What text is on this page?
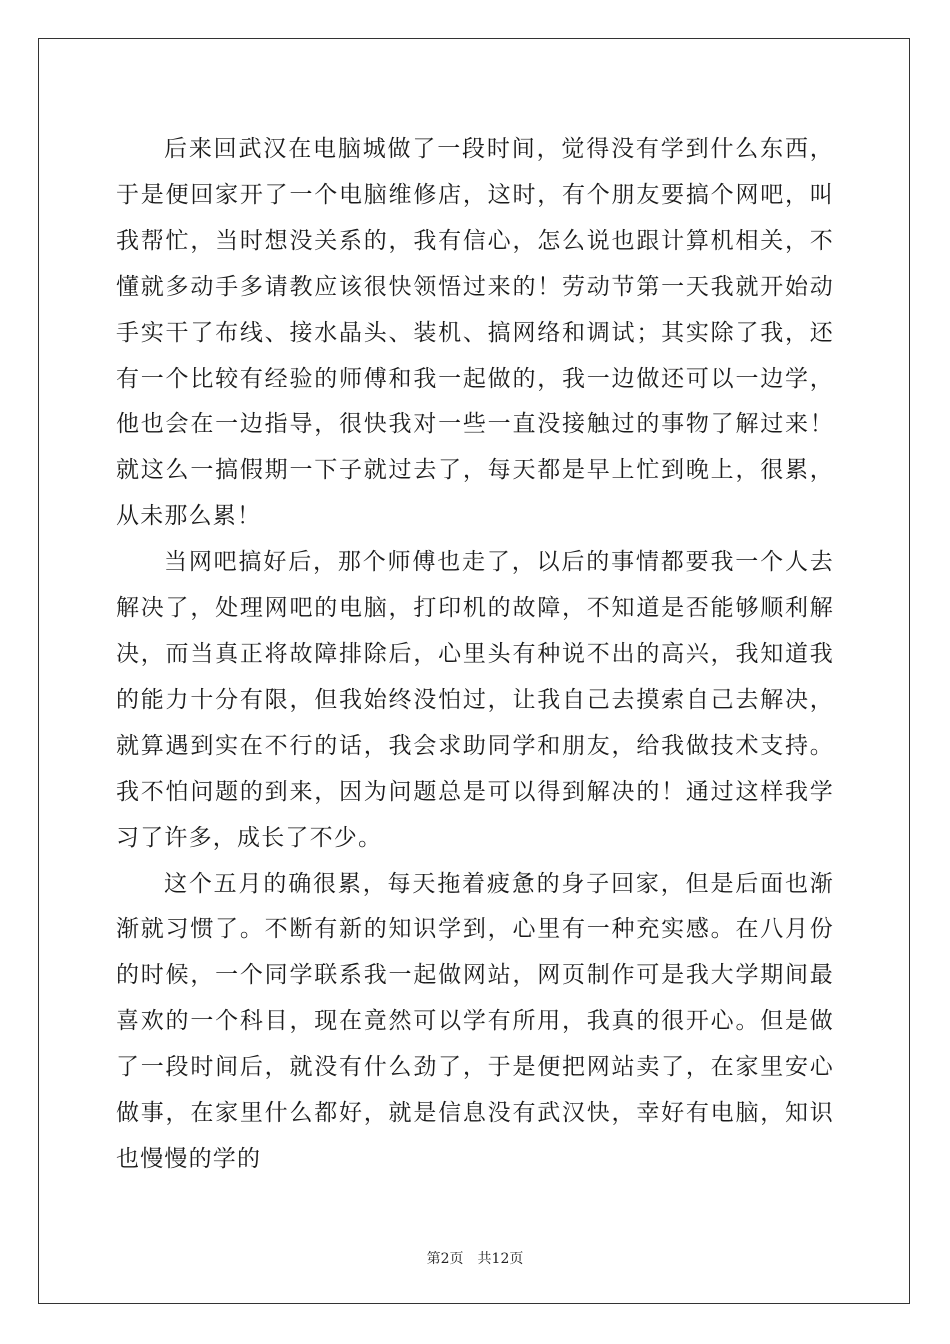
后来回武汉在电脑城做了一段时间，觉得没有学到什么东西，于是便回家开了一个电脑维修店，这时，有个朋友要搞个网吧，叫我帮忙，当时想没关系的，我有信心，怎么说也跟计算机相关，不懂就多动手多请教应该很快领悟过来的！劳动节第一天我就开始动手实干了布线、接水晶头、装机、搞网络和调试；其实除了我，还有一个比较有经验的师傅和我一起做的，我一边做还可以一边学，他也会在一边指导，很快我对一些一直没接触过的事物了解过来！就这么一搞假期一下子就过去了，每天都是早上忙到晚上，很累，从未那么累！

当网吧搞好后，那个师傅也走了，以后的事情都要我一个人去解决了，处理网吧的电脑，打印机的故障，不知道是否能够顺利解决，而当真正将故障排除后，心里头有种说不出的高兴，我知道我的能力十分有限，但我始终没怕过，让我自己去摸索自己去解决，就算遇到实在不行的话，我会求助同学和朋友，给我做技术支持。我不怕问题的到来，因为问题总是可以得到解决的！通过这样我学习了许多，成长了不少。

这个五月的确很累，每天拖着疲惫的身子回家，但是后面也渐渐就习惯了。不断有新的知识学到，心里有一种充实感。在八月份的时候，一个同学联系我一起做网站，网页制作可是我大学期间最喜欢的一个科目，现在竟然可以学有所用，我真的很开心。但是做了一段时间后，就没有什么劲了，于是便把网站卖了，在家里安心做事，在家里什么都好，就是信息没有武汉快，幸好有电脑，知识也慢慢的学的

第2页 共12页
